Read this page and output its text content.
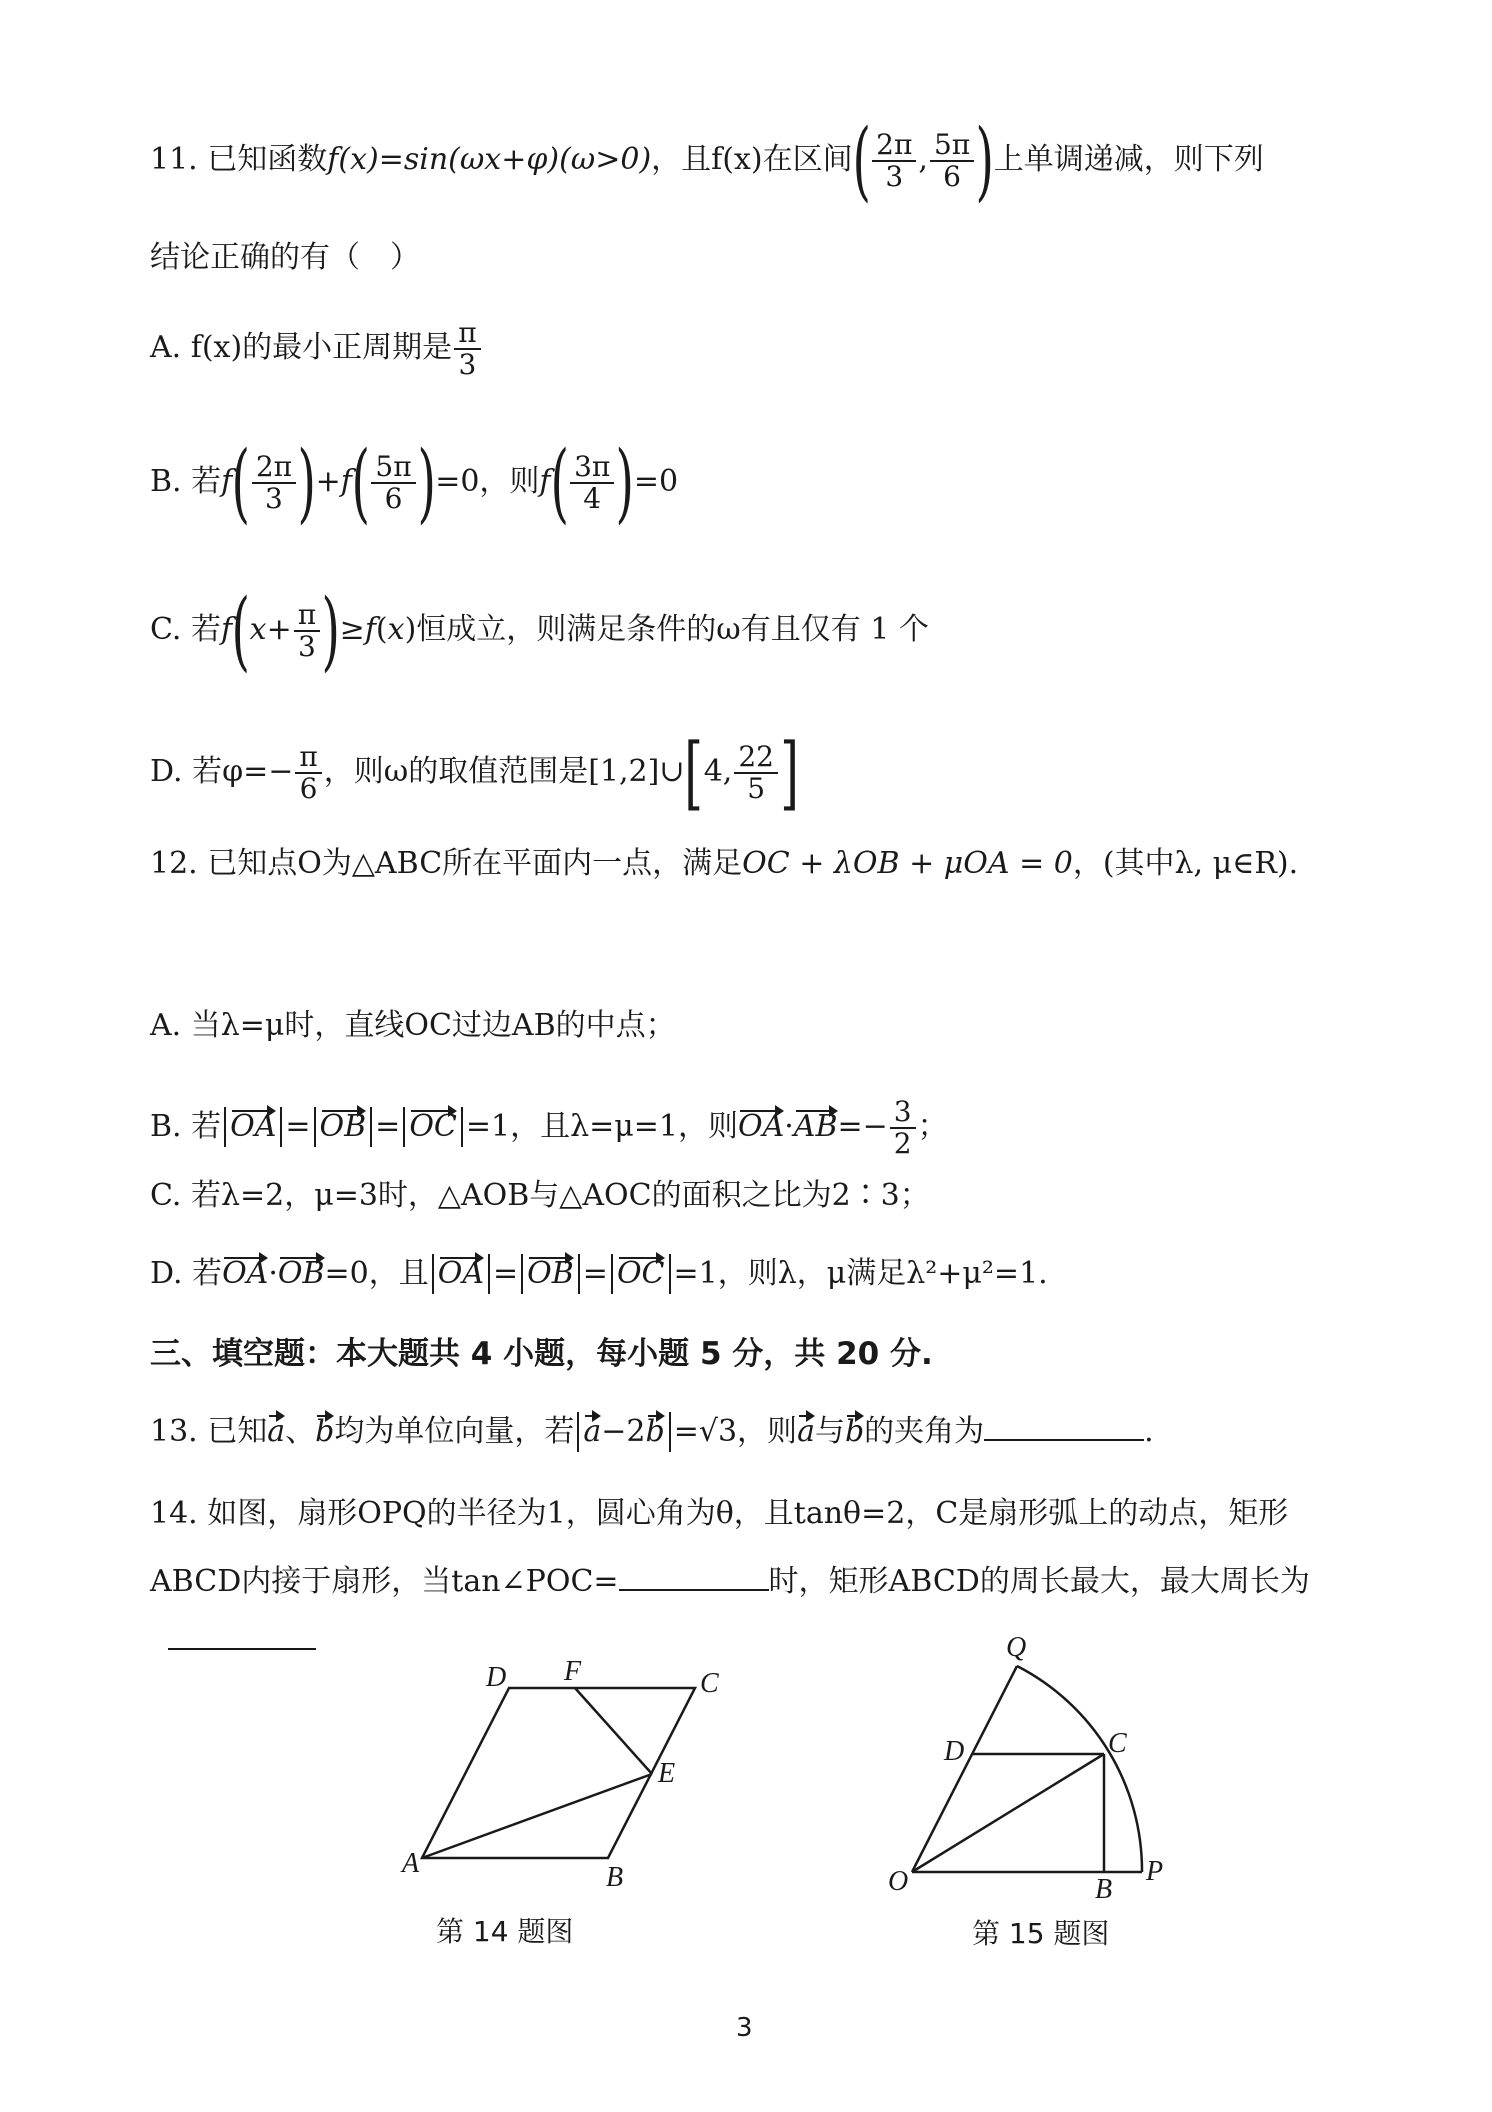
11. 已知函数f(x)=sin(ωx+φ)(ω>0)，且f(x)在区间( $\frac{2\pi}{3}$ , $\frac{5\pi}{6}$ )上单调递减，则下列
结论正确的有（　）
A. f(x)的最小正周期是 $\frac{\pi}{3}$
B. 若$f( \frac{2\pi}{3} )+f( \frac{5\pi}{6} )=0$，则$f( \frac{3\pi}{4} )=0$
C. 若$f(x+ \frac{\pi}{3} )\ge f(x)$恒成立，则满足条件的ω有且仅有 1 个
D. 若$\varphi=- \frac{\pi}{6}$ ，则ω的取值范围是[1,2]∪[4, $\frac{22}{5}$ ]
12. 已知点O为△ABC所在平面内一点，满足OC + λOB + μOA = 0，(其中λ, μ∈R).
A. 当λ=μ时，直线OC过边AB的中点；
B. 若 OA = OB = OC =1，且λ=μ=1，则$OA\cdot AB=- \frac{3}{2}$ ；
C. 若λ=2，μ=3时，△AOB与△AOC的面积之比为2∶3；
D. 若OA·OB=0，且 OA = OB = OC =1，则λ，μ满足λ²+μ²=1.
三、填空题：本大题共 4 小题，每小题 5 分，共 20 分.
13. 已知a、b均为单位向量，若 a−2b =√3，则a与b的夹角为	.
14. 如图，扇形OPQ的半径为1，圆心角为θ，且tanθ=2，C是扇形弧上的动点，矩形
ABCD内接于扇形，当tan∠POC=	时，矩形ABCD的周长最大，最大周长为
A	B
C
D
E
F
O	P
Q
B
C
D
第 14 题图	第 15 题图
3
